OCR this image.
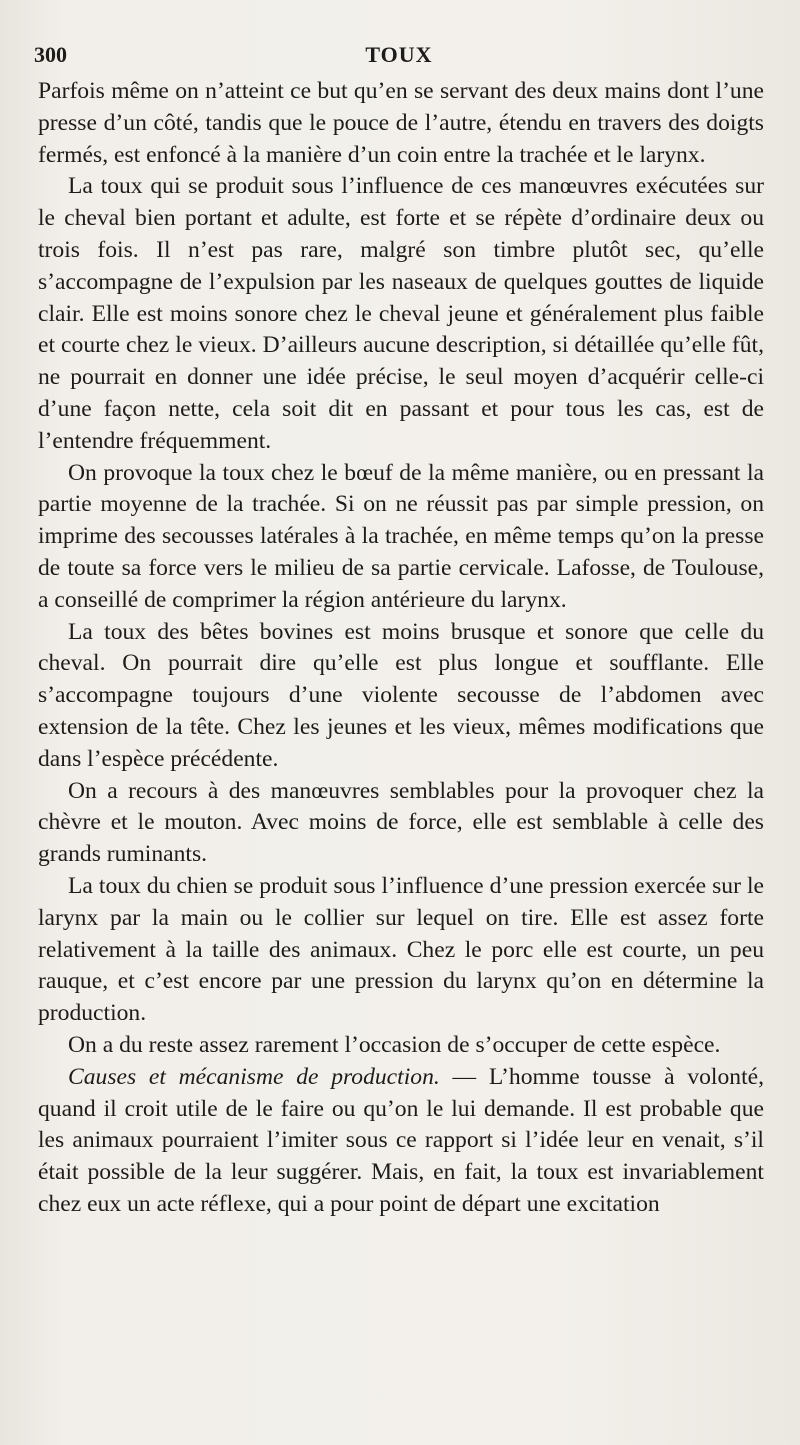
300	TOUX

Parfois même on n’atteint ce but qu’en se servant des deux mains dont l’une presse d’un côté, tandis que le pouce de l’autre, étendu en travers des doigts fermés, est enfoncé à la manière d’un coin entre la trachée et le larynx.

La toux qui se produit sous l’influence de ces manœuvres exécutées sur le cheval bien portant et adulte, est forte et se répète d’ordinaire deux ou trois fois. Il n’est pas rare, malgré son timbre plutôt sec, qu’elle s’accompagne de l’expulsion par les naseaux de quelques gouttes de liquide clair. Elle est moins sonore chez le cheval jeune et généralement plus faible et courte chez le vieux. D’ailleurs aucune description, si détaillée qu’elle fût, ne pourrait en donner une idée précise, le seul moyen d’acquérir celle-ci d’une façon nette, cela soit dit en passant et pour tous les cas, est de l’entendre fréquemment.

On provoque la toux chez le bœuf de la même manière, ou en pressant la partie moyenne de la trachée. Si on ne réussit pas par simple pression, on imprime des secousses latérales à la trachée, en même temps qu’on la presse de toute sa force vers le milieu de sa partie cervicale. Lafosse, de Toulouse, a conseillé de comprimer la région antérieure du larynx.

La toux des bêtes bovines est moins brusque et sonore que celle du cheval. On pourrait dire qu’elle est plus longue et soufflante. Elle s’accompagne toujours d’une violente secousse de l’abdomen avec extension de la tête. Chez les jeunes et les vieux, mêmes modifications que dans l’espèce précédente.

On a recours à des manœuvres semblables pour la provoquer chez la chèvre et le mouton. Avec moins de force, elle est semblable à celle des grands ruminants.

La toux du chien se produit sous l’influence d’une pression exercée sur le larynx par la main ou le collier sur lequel on tire. Elle est assez forte relativement à la taille des animaux. Chez le porc elle est courte, un peu rauque, et c’est encore par une pression du larynx qu’on en détermine la production.

On a du reste assez rarement l’occasion de s’occuper de cette espèce.

Causes et mécanisme de production. — L’homme tousse à volonté, quand il croit utile de le faire ou qu’on le lui demande. Il est probable que les animaux pourraient l’imiter sous ce rapport si l’idée leur en venait, s’il était possible de la leur suggérer. Mais, en fait, la toux est invariablement chez eux un acte réflexe, qui a pour point de départ une excitation
